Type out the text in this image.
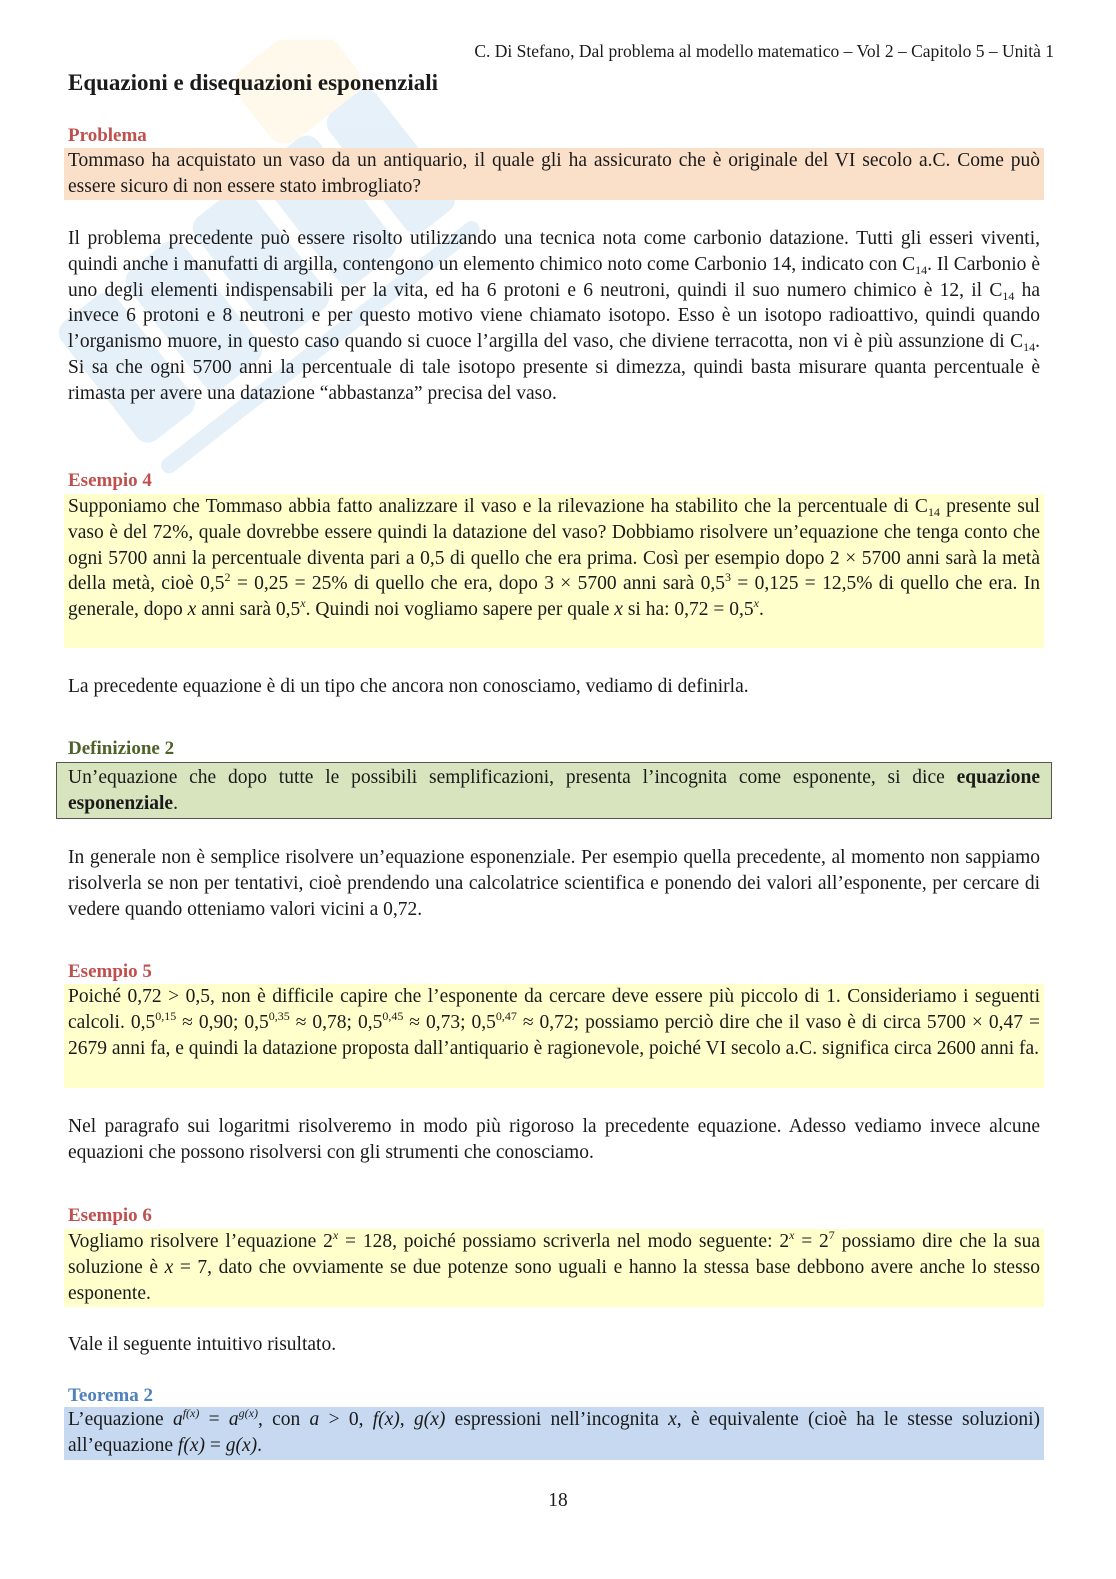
C. Di Stefano, Dal problema al modello matematico – Vol 2 – Capitolo 5 – Unità 1
Equazioni e disequazioni esponenziali
Problema
Tommaso ha acquistato un vaso da un antiquario, il quale gli ha assicurato che è originale del VI secolo a.C. Come può essere sicuro di non essere stato imbrogliato?

Il problema precedente può essere risolto utilizzando una tecnica nota come carbonio datazione. Tutti gli esseri viventi, quindi anche i manufatti di argilla, contengono un elemento chimico noto come Carbonio 14, indicato con $C_{14}$. Il Carbonio è uno degli elementi indispensabili per la vita, ed ha 6 protoni e 6 neutroni, quindi il suo numero chimico è 12, il $C_{14}$ ha invece 6 protoni e 8 neutroni e per questo motivo viene chiamato isotopo. Esso è un isotopo radioattivo, quindi quando l’organismo muore, in questo caso quando si cuoce l’argilla del vaso, che diviene terracotta, non vi è più assunzione di $C_{14}$. Si sa che ogni 5700 anni la percentuale di tale isotopo presente si dimezza, quindi basta misurare quanta percentuale è rimasta per avere una datazione “abbastanza” precisa del vaso.

Esempio 4
Supponiamo che Tommaso abbia fatto analizzare il vaso e la rilevazione ha stabilito che la percentuale di $C_{14}$ presente sul vaso è del 72%, quale dovrebbe essere quindi la datazione del vaso? Dobbiamo risolvere un’equazione che tenga conto che ogni 5700 anni la percentuale diventa pari a 0,5 di quello che era prima. Così per esempio dopo 2 × 5700 anni sarà la metà della metà, cioè $0,5^2 = 0,25 = 25\%$ di quello che era, dopo 3 × 5700 anni sarà $0,5^3 = 0,125 = 12,5\%$ di quello che era. In generale, dopo x anni sarà 0,5$^x$. Quindi noi vogliamo sapere per quale x si ha: $0,72 = 0,5^x$.

La precedente equazione è di un tipo che ancora non conosciamo, vediamo di definirla.

Definizione 2
Un’equazione che dopo tutte le possibili semplificazioni, presenta l’incognita come esponente, si dice equazione esponenziale.

In generale non è semplice risolvere un’equazione esponenziale. Per esempio quella precedente, al momento non sappiamo risolverla se non per tentativi, cioè prendendo una calcolatrice scientifica e ponendo dei valori all’esponente, per cercare di vedere quando otteniamo valori vicini a 0,72.

Esempio 5
Poiché 0,72 > 0,5, non è difficile capire che l’esponente da cercare deve essere più piccolo di 1. Consideriamo i seguenti calcoli. $0,5^{0,15} \approx 0,90$; $0,5^{0,35} \approx 0,78$; $0,5^{0,45} \approx 0,73$; $0,5^{0,47} \approx 0,72$; possiamo perciò dire che il vaso è di circa 5700 × 0,47 = 2679 anni fa, e quindi la datazione proposta dall’antiquario è ragionevole, poiché VI secolo a.C. significa circa 2600 anni fa.

Nel paragrafo sui logaritmi risolveremo in modo più rigoroso la precedente equazione. Adesso vediamo invece alcune equazioni che possono risolversi con gli strumenti che conosciamo.

Esempio 6
Vogliamo risolvere l’equazione $2^x = 128$, poiché possiamo scriverla nel modo seguente: $2^x = 2^7$ possiamo dire che la sua soluzione è x = 7, dato che ovviamente se due potenze sono uguali e hanno la stessa base debbono avere anche lo stesso esponente.

Vale il seguente intuitivo risultato.

Teorema 2
L’equazione $a^{f(x)} = a^{g(x)}$, con a > 0, f(x), g(x) espressioni nell’incognita x, è equivalente (cioè ha le stesse soluzioni) all’equazione f(x) = g(x).
18
